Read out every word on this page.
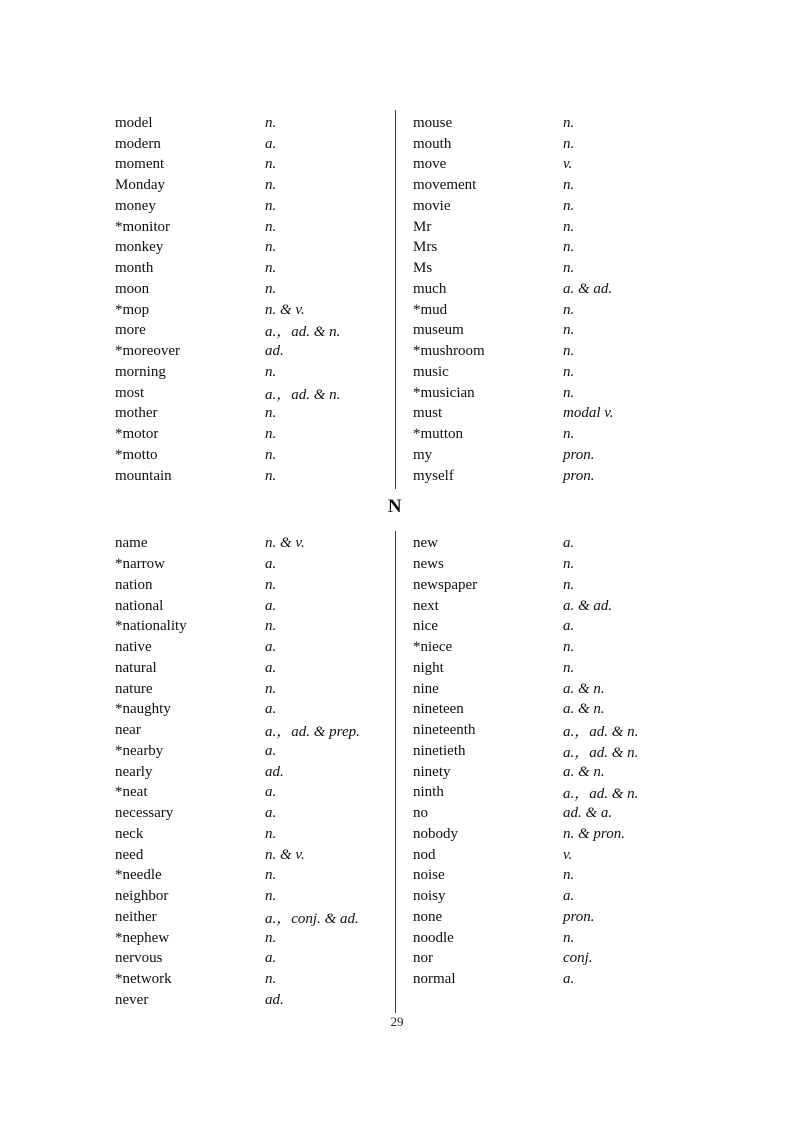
model	n.
modern	a.
moment	n.
Monday	n.
money	n.
*monitor	n.
monkey	n.
month	n.
moon	n.
*mop	n. & v.
more	a.，ad. & n.
*moreover	ad.
morning	n.
most	a.，ad. & n.
mother	n.
*motor	n.
*motto	n.
mountain	n.
mouse	n.
mouth	n.
move	v.
movement	n.
movie	n.
Mr	n.
Mrs	n.
Ms	n.
much	a. & ad.
*mud	n.
museum	n.
*mushroom	n.
music	n.
*musician	n.
must	modal v.
*mutton	n.
my	pron.
myself	pron.
N
name	n. & v.
*narrow	a.
nation	n.
national	a.
*nationality	n.
native	a.
natural	a.
nature	n.
*naughty	a.
near	a.，ad. & prep.
*nearby	a.
nearly	ad.
*neat	a.
necessary	a.
neck	n.
need	n. & v.
*needle	n.
neighbor	n.
neither	a.，conj. & ad.
*nephew	n.
nervous	a.
*network	n.
never	ad.
new	a.
news	n.
newspaper	n.
next	a. & ad.
nice	a.
*niece	n.
night	n.
nine	a. & n.
nineteen	a. & n.
nineteenth	a.，ad. & n.
ninetieth	a.，ad. & n.
ninety	a. & n.
ninth	a.，ad. & n.
no	ad. & a.
nobody	n. & pron.
nod	v.
noise	n.
noisy	a.
none	pron.
noodle	n.
nor	conj.
normal	a.
29
